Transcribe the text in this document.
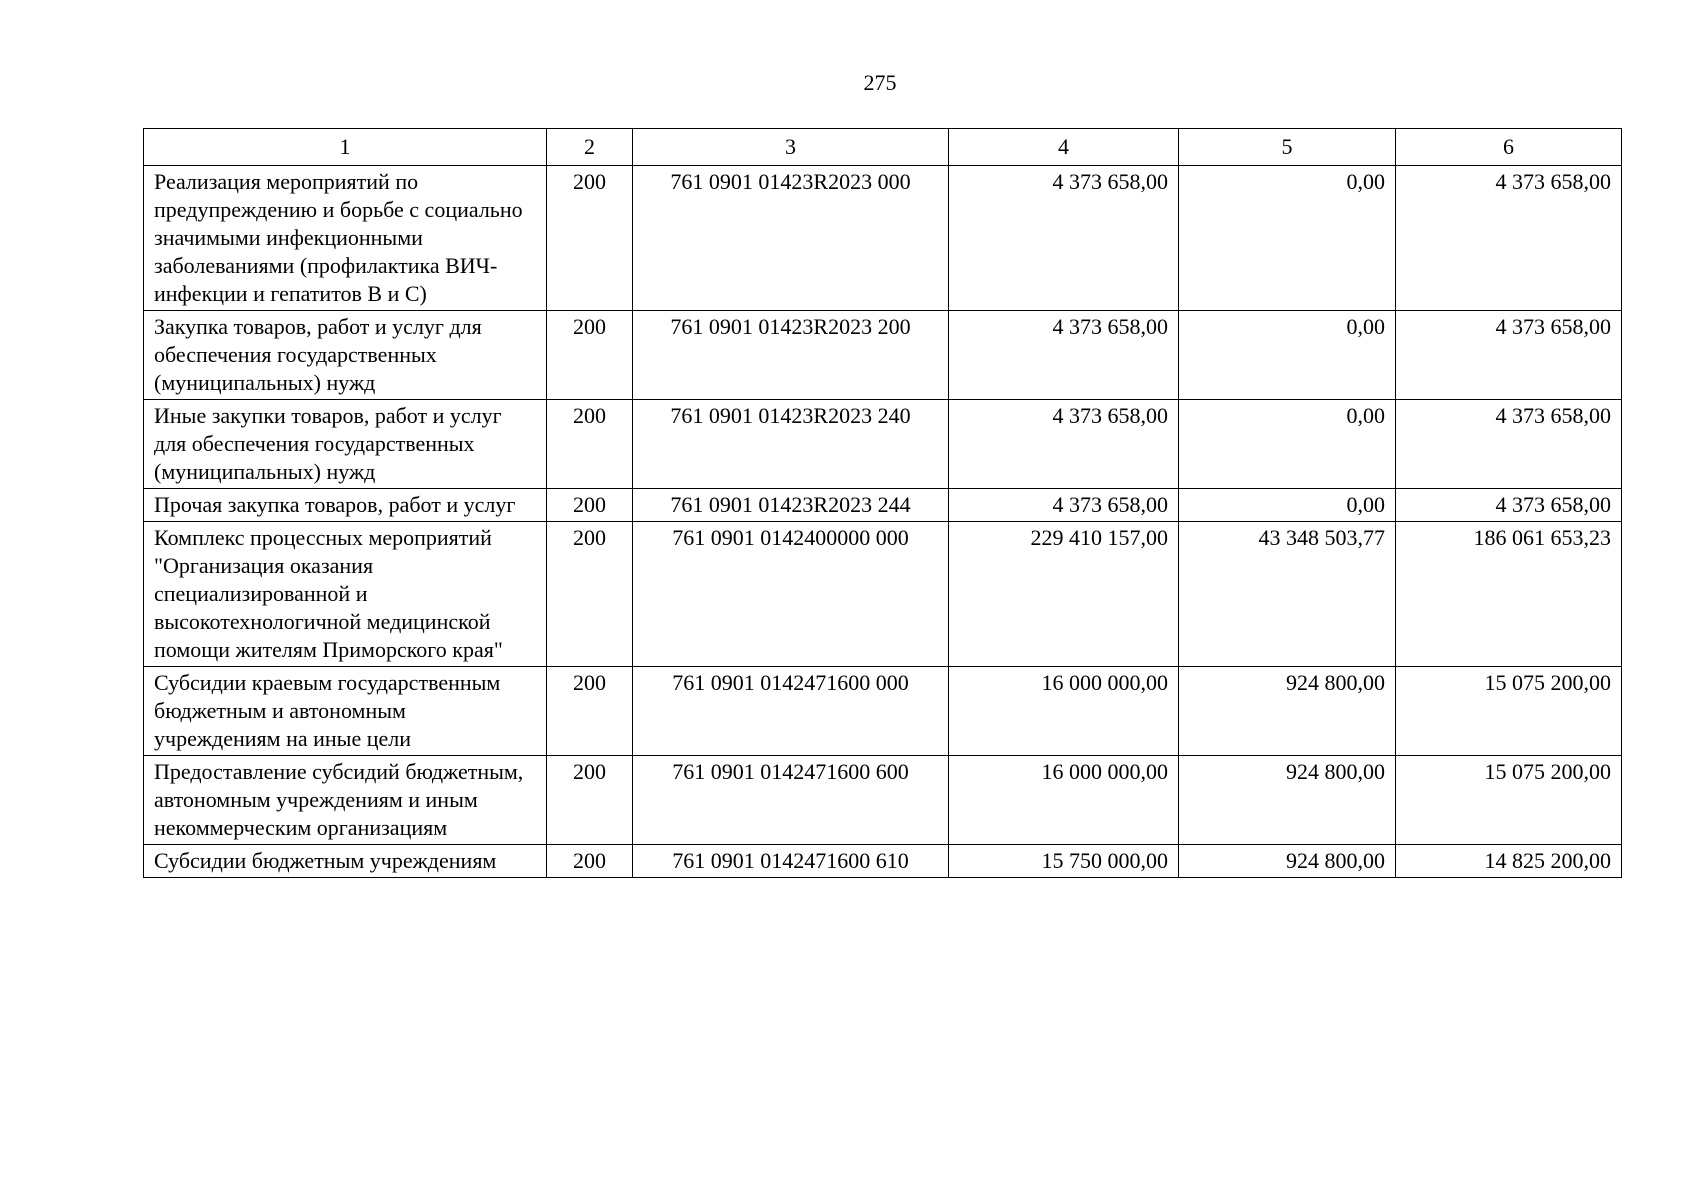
275
1	2	3	4	5	6
Реализация мероприятий по предупреждению и борьбе с социально значимыми инфекционными заболеваниями (профилактика ВИЧ-инфекции и гепатитов В и С)	200	761 0901 01423R2023 000	4 373 658,00	0,00	4 373 658,00
Закупка товаров, работ и услуг для обеспечения государственных (муниципальных) нужд	200	761 0901 01423R2023 200	4 373 658,00	0,00	4 373 658,00
Иные закупки товаров, работ и услуг для обеспечения государственных (муниципальных) нужд	200	761 0901 01423R2023 240	4 373 658,00	0,00	4 373 658,00
Прочая закупка товаров, работ и услуг	200	761 0901 01423R2023 244	4 373 658,00	0,00	4 373 658,00
Комплекс процессных мероприятий "Организация оказания специализированной и высокотехнологичной медицинской помощи жителям Приморского края"	200	761 0901 0142400000 000	229 410 157,00	43 348 503,77	186 061 653,23
Субсидии краевым государственным бюджетным и автономным учреждениям на иные цели	200	761 0901 0142471600 000	16 000 000,00	924 800,00	15 075 200,00
Предоставление субсидий бюджетным, автономным учреждениям и иным некоммерческим организациям	200	761 0901 0142471600 600	16 000 000,00	924 800,00	15 075 200,00
Субсидии бюджетным учреждениям	200	761 0901 0142471600 610	15 750 000,00	924 800,00	14 825 200,00
